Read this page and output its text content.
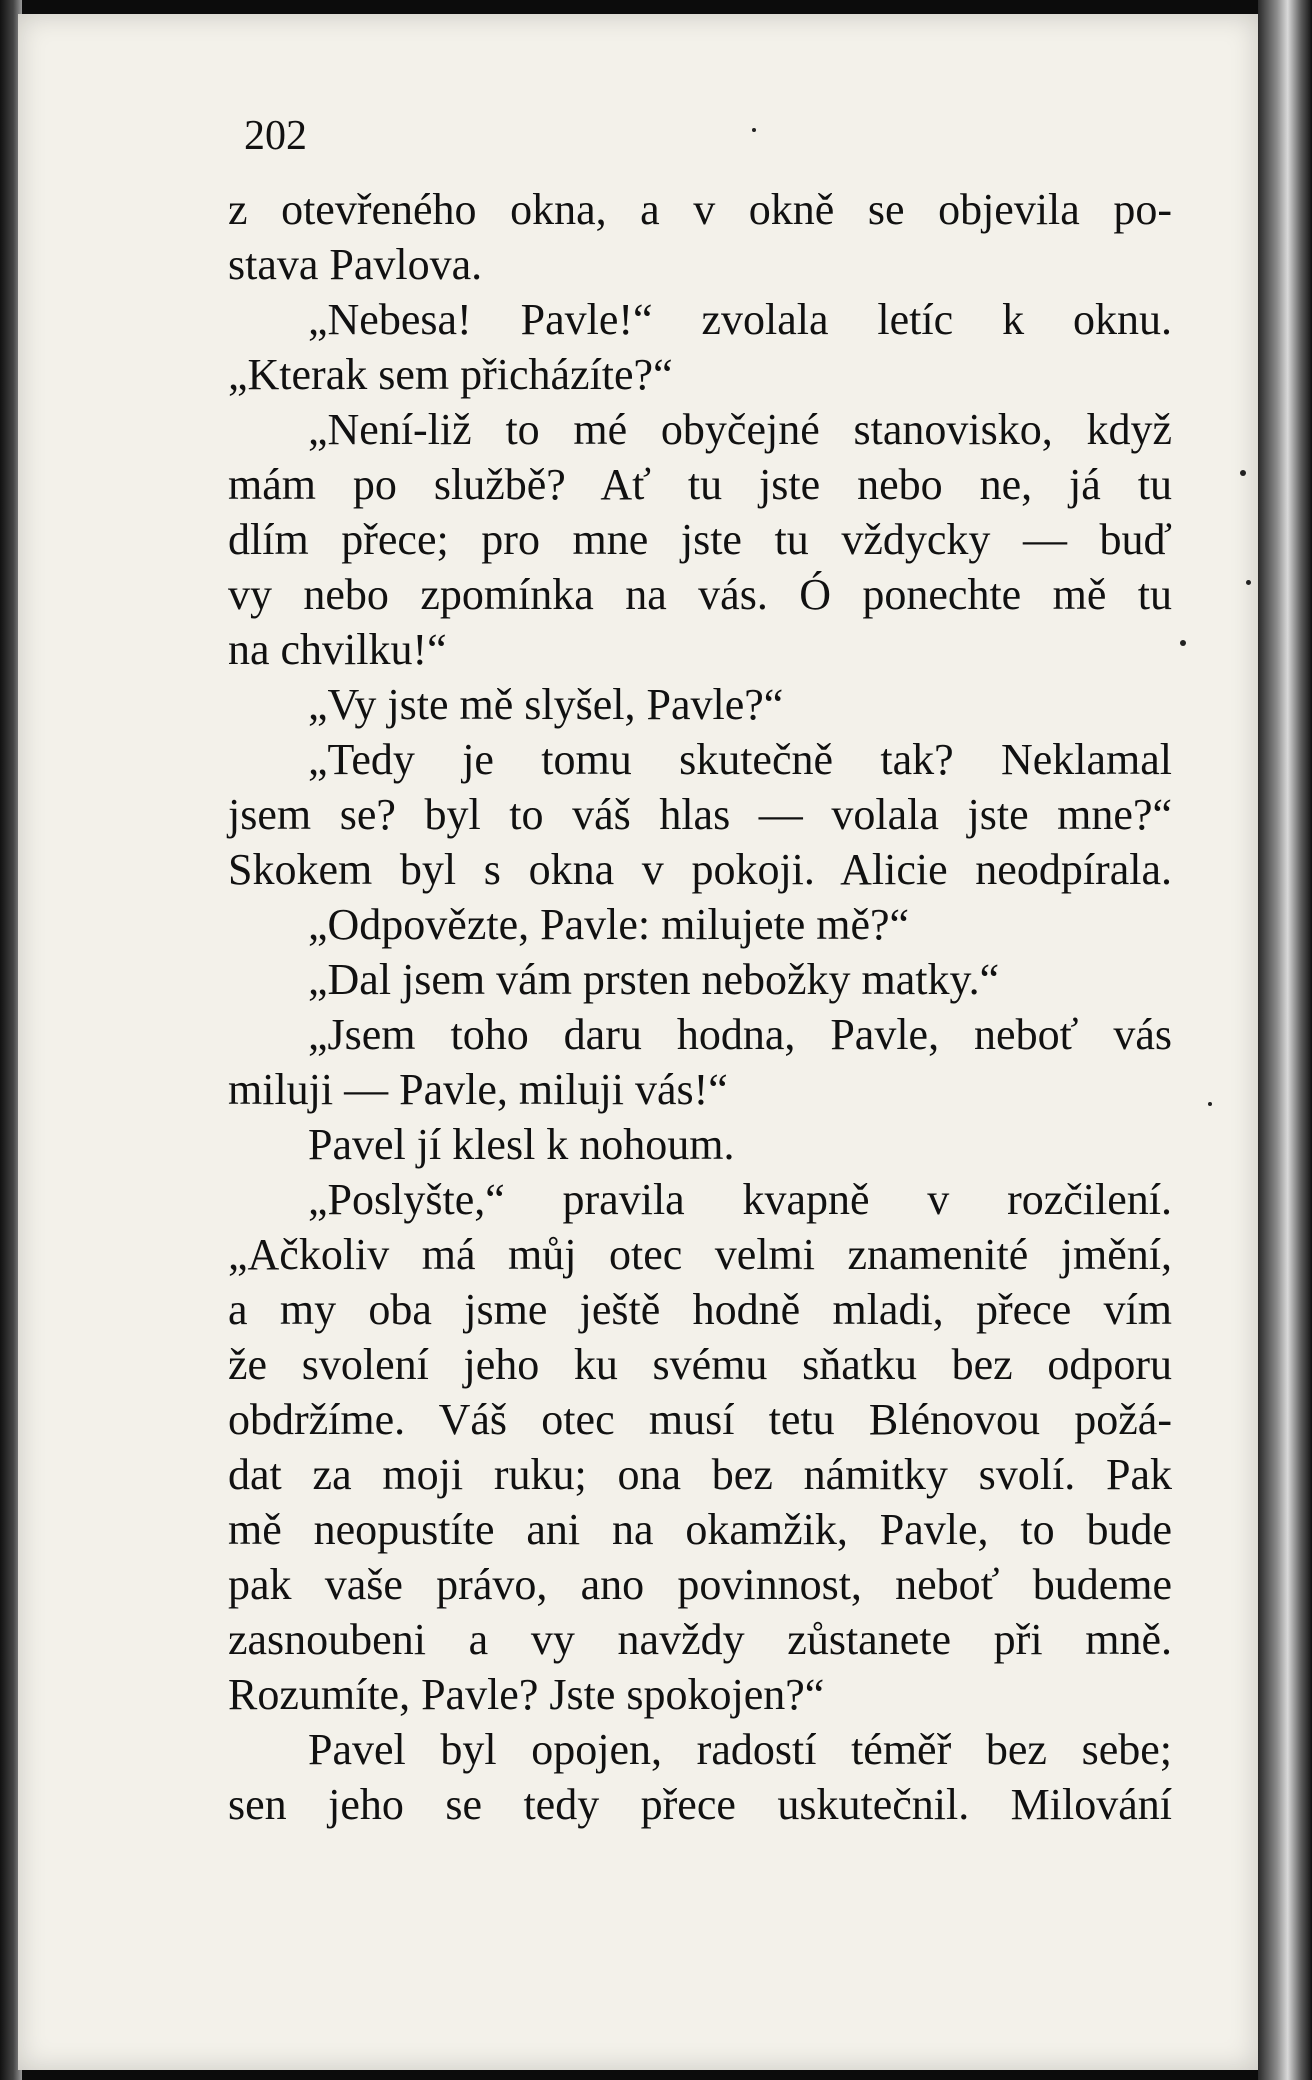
202
z otevřeného okna, a v okně se objevila po-
stava Pavlova.
„Nebesa! Pavle!“ zvolala letíc k oknu.
„Kterak sem přicházíte?“
„Není-liž to mé obyčejné stanovisko, když
mám po službě? Ať tu jste nebo ne, já tu
dlím přece; pro mne jste tu vždycky — buď
vy nebo zpomínka na vás. Ó ponechte mě tu
na chvilku!“
„Vy jste mě slyšel, Pavle?“
„Tedy je tomu skutečně tak? Neklamal
jsem se? byl to váš hlas — volala jste mne?“
Skokem byl s okna v pokoji. Alicie neodpírala.
„Odpovězte, Pavle: milujete mě?“
„Dal jsem vám prsten nebožky matky.“
„Jsem toho daru hodna, Pavle, neboť vás
miluji — Pavle, miluji vás!“
Pavel jí klesl k nohoum.
„Poslyšte,“ pravila kvapně v rozčilení.
„Ačkoliv má můj otec velmi znamenité jmění,
a my oba jsme ještě hodně mladi, přece vím
že svolení jeho ku svému sňatku bez odporu
obdržíme. Váš otec musí tetu Blénovou požá-
dat za moji ruku; ona bez námitky svolí. Pak
mě neopustíte ani na okamžik, Pavle, to bude
pak vaše právo, ano povinnost, neboť budeme
zasnoubeni a vy navždy zůstanete při mně.
Rozumíte, Pavle? Jste spokojen?“
Pavel byl opojen, radostí téměř bez sebe;
sen jeho se tedy přece uskutečnil. Milování
